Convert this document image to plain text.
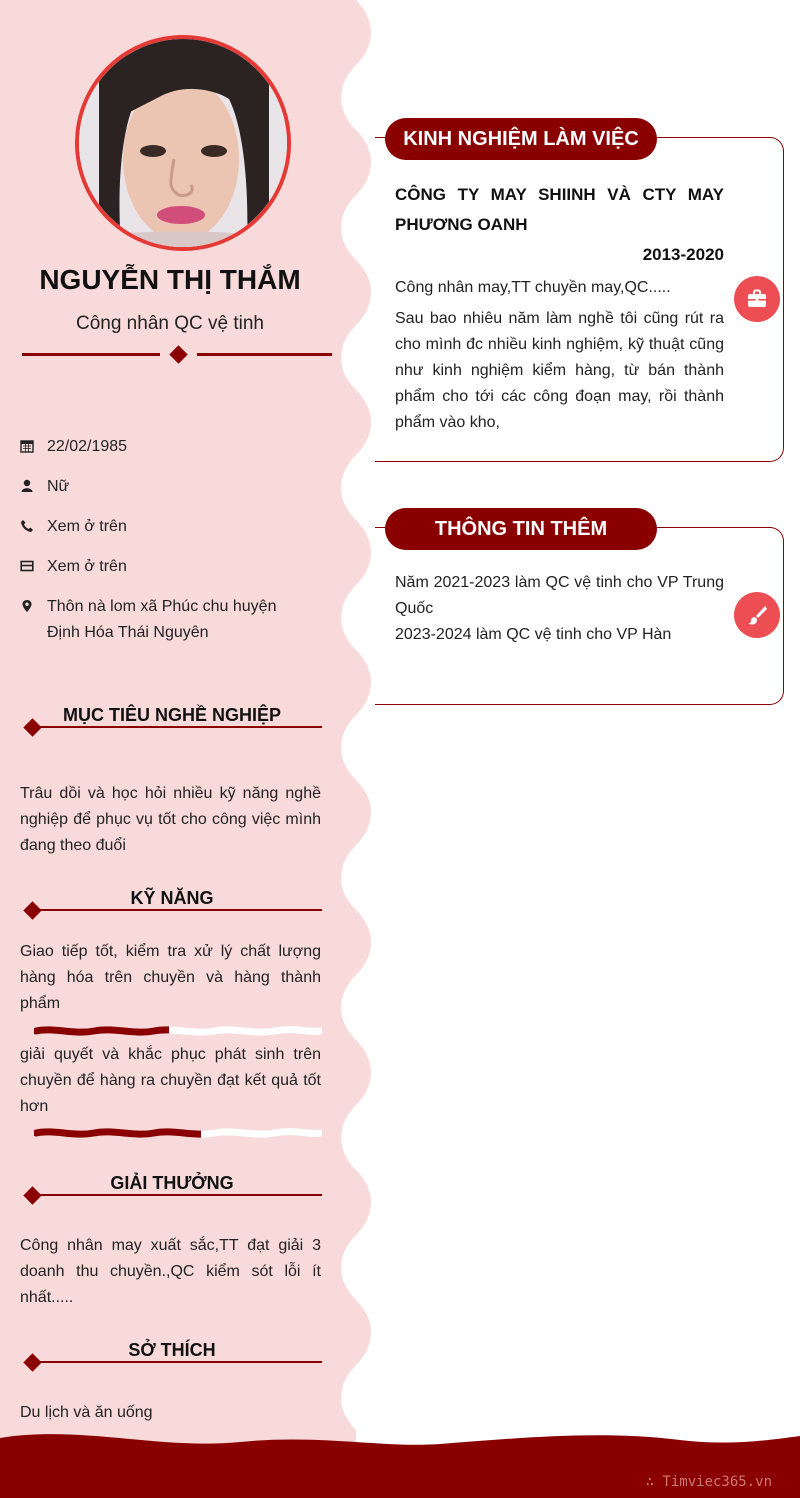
NGUYỄN THỊ THẮM
Công nhân QC vệ tinh
22/02/1985
Nữ
Xem ở trên
Xem ở trên
Thôn nà lom xã Phúc chu huyện
Định Hóa Thái Nguyên
MỤC TIÊU NGHỀ NGHIỆP
Trâu dồi và học hỏi nhiều kỹ năng nghề nghiệp để phục vụ tốt cho công việc mình đang theo đuổi
KỸ NĂNG
Giao tiếp tốt, kiểm tra xử lý chất lượng hàng hóa trên chuyền và hàng thành phẩm
giải quyết và khắc phục phát sinh trên chuyền để hàng ra chuyền đạt kết quả tốt hơn
GIẢI THƯỞNG
Công nhân may xuất sắc,TT đạt giải 3 doanh thu chuyền.,QC kiểm sót lỗi ít nhất.....
SỞ THÍCH
Du lịch và ăn uống
KINH NGHIỆM LÀM VIỆC
CÔNG TY MAY SHIINH VÀ CTY MAY PHƯƠNG OANH
2013-2020
Công nhân may,TT chuyền may,QC.....
Sau bao nhiêu năm làm nghề tôi cũng rút ra cho mình đc nhiều kinh nghiệm, kỹ thuật cũng như kinh nghiệm kiểm hàng, từ bán thành phẩm cho tới các công đoạn may, rồi thành phẩm vào kho,
THÔNG TIN THÊM
Năm 2021-2023 làm QC vệ tinh cho VP Trung Quốc
2023-2024 làm QC vệ tinh cho VP Hàn
∴ Timviec365.vn
